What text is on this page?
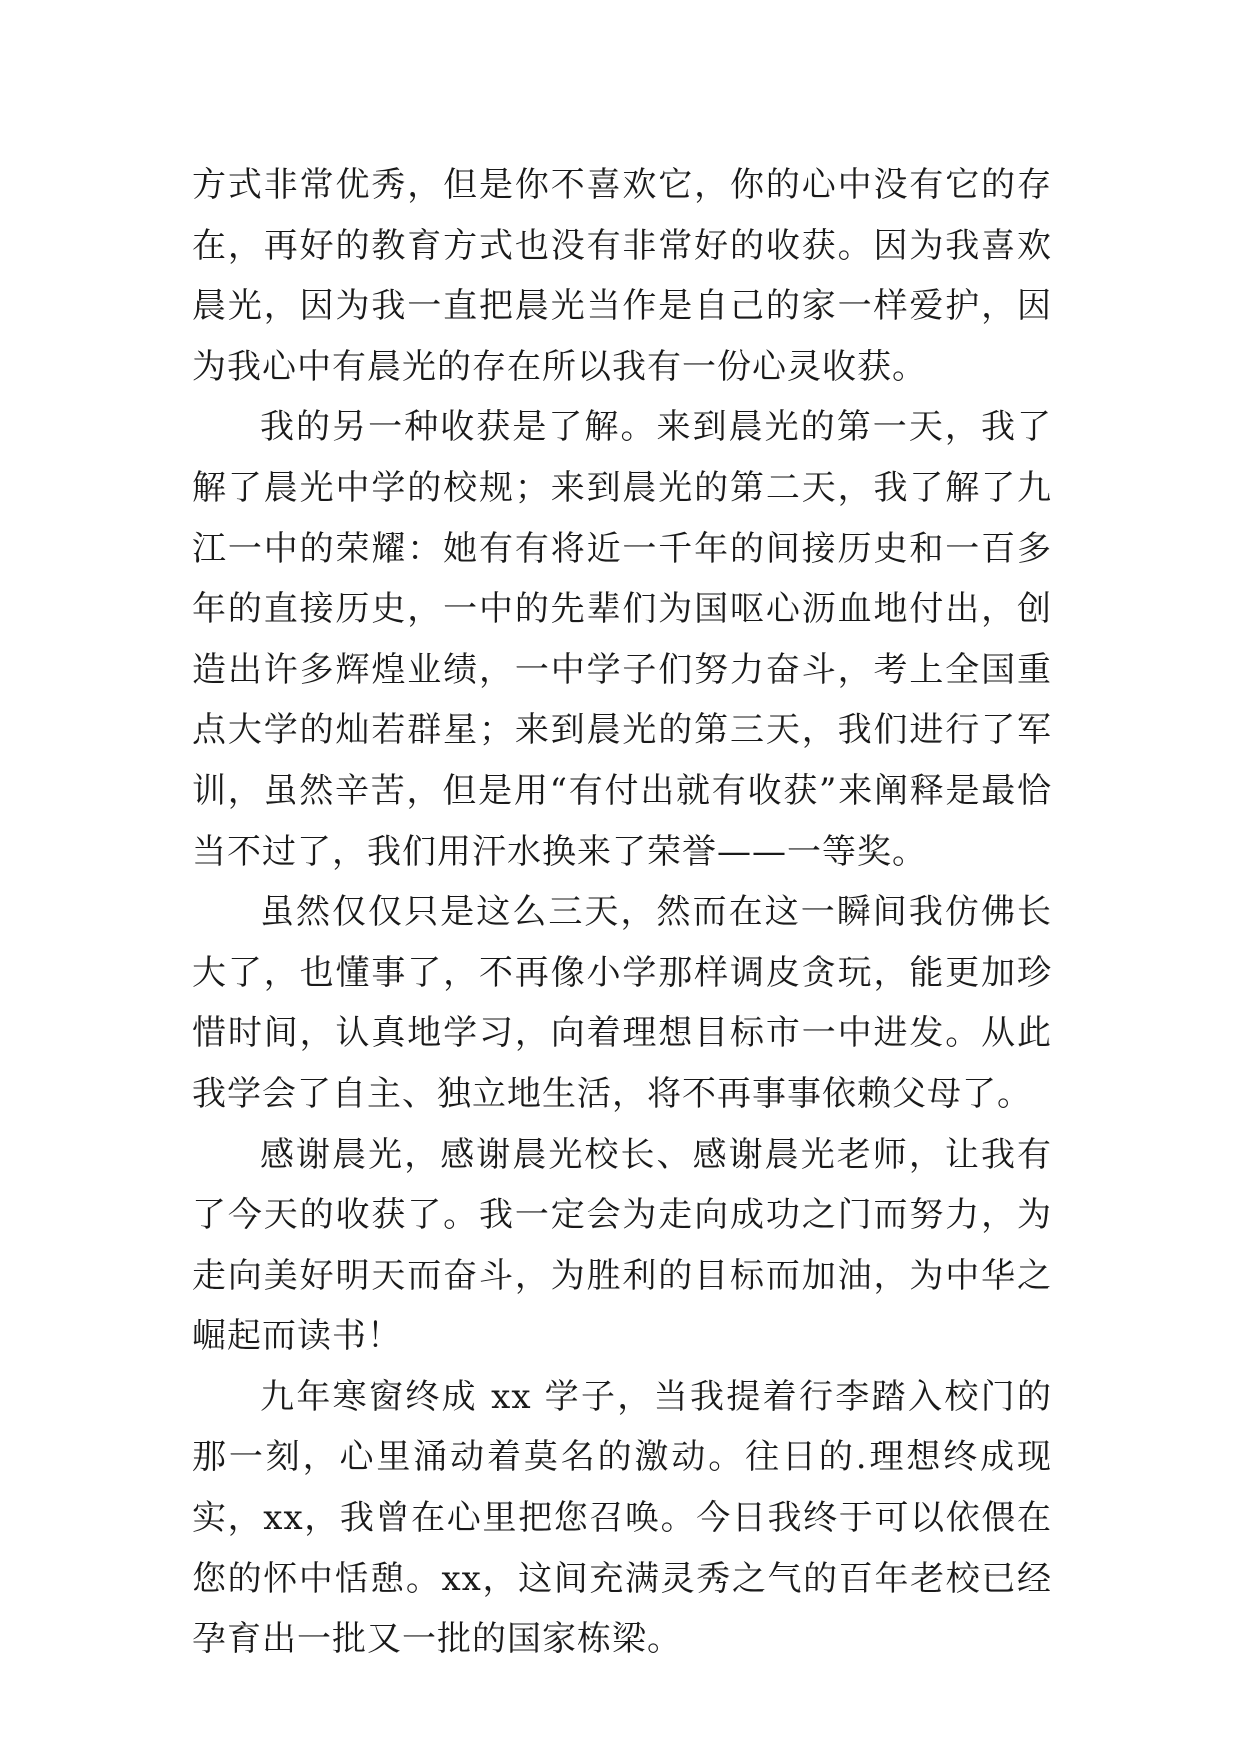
方式非常优秀，但是你不喜欢它，你的心中没有它的存在，再好的教育方式也没有非常好的收获。因为我喜欢晨光，因为我一直把晨光当作是自己的家一样爱护，因为我心中有晨光的存在所以我有一份心灵收获。

我的另一种收获是了解。来到晨光的第一天，我了解了晨光中学的校规；来到晨光的第二天，我了解了九江一中的荣耀：她有有将近一千年的间接历史和一百多年的直接历史，一中的先辈们为国呕心沥血地付出，创造出许多辉煌业绩，一中学子们努力奋斗，考上全国重点大学的灿若群星；来到晨光的第三天，我们进行了军训，虽然辛苦，但是用“有付出就有收获”来阐释是最恰当不过了，我们用汗水换来了荣誉——一等奖。

虽然仅仅只是这么三天，然而在这一瞬间我仿佛长大了，也懂事了，不再像小学那样调皮贪玩，能更加珍惜时间，认真地学习，向着理想目标市一中进发。从此我学会了自主、独立地生活，将不再事事依赖父母了。

感谢晨光，感谢晨光校长、感谢晨光老师，让我有了今天的收获了。我一定会为走向成功之门而努力，为走向美好明天而奋斗，为胜利的目标而加油，为中华之崛起而读书！

九年寒窗终成 xx 学子，当我提着行李踏入校门的那一刻，心里涌动着莫名的激动。往日的.理想终成现实，xx，我曾在心里把您召唤。今日我终于可以依偎在您的怀中恬憩。xx，这间充满灵秀之气的百年老校已经孕育出一批又一批的国家栋梁。
